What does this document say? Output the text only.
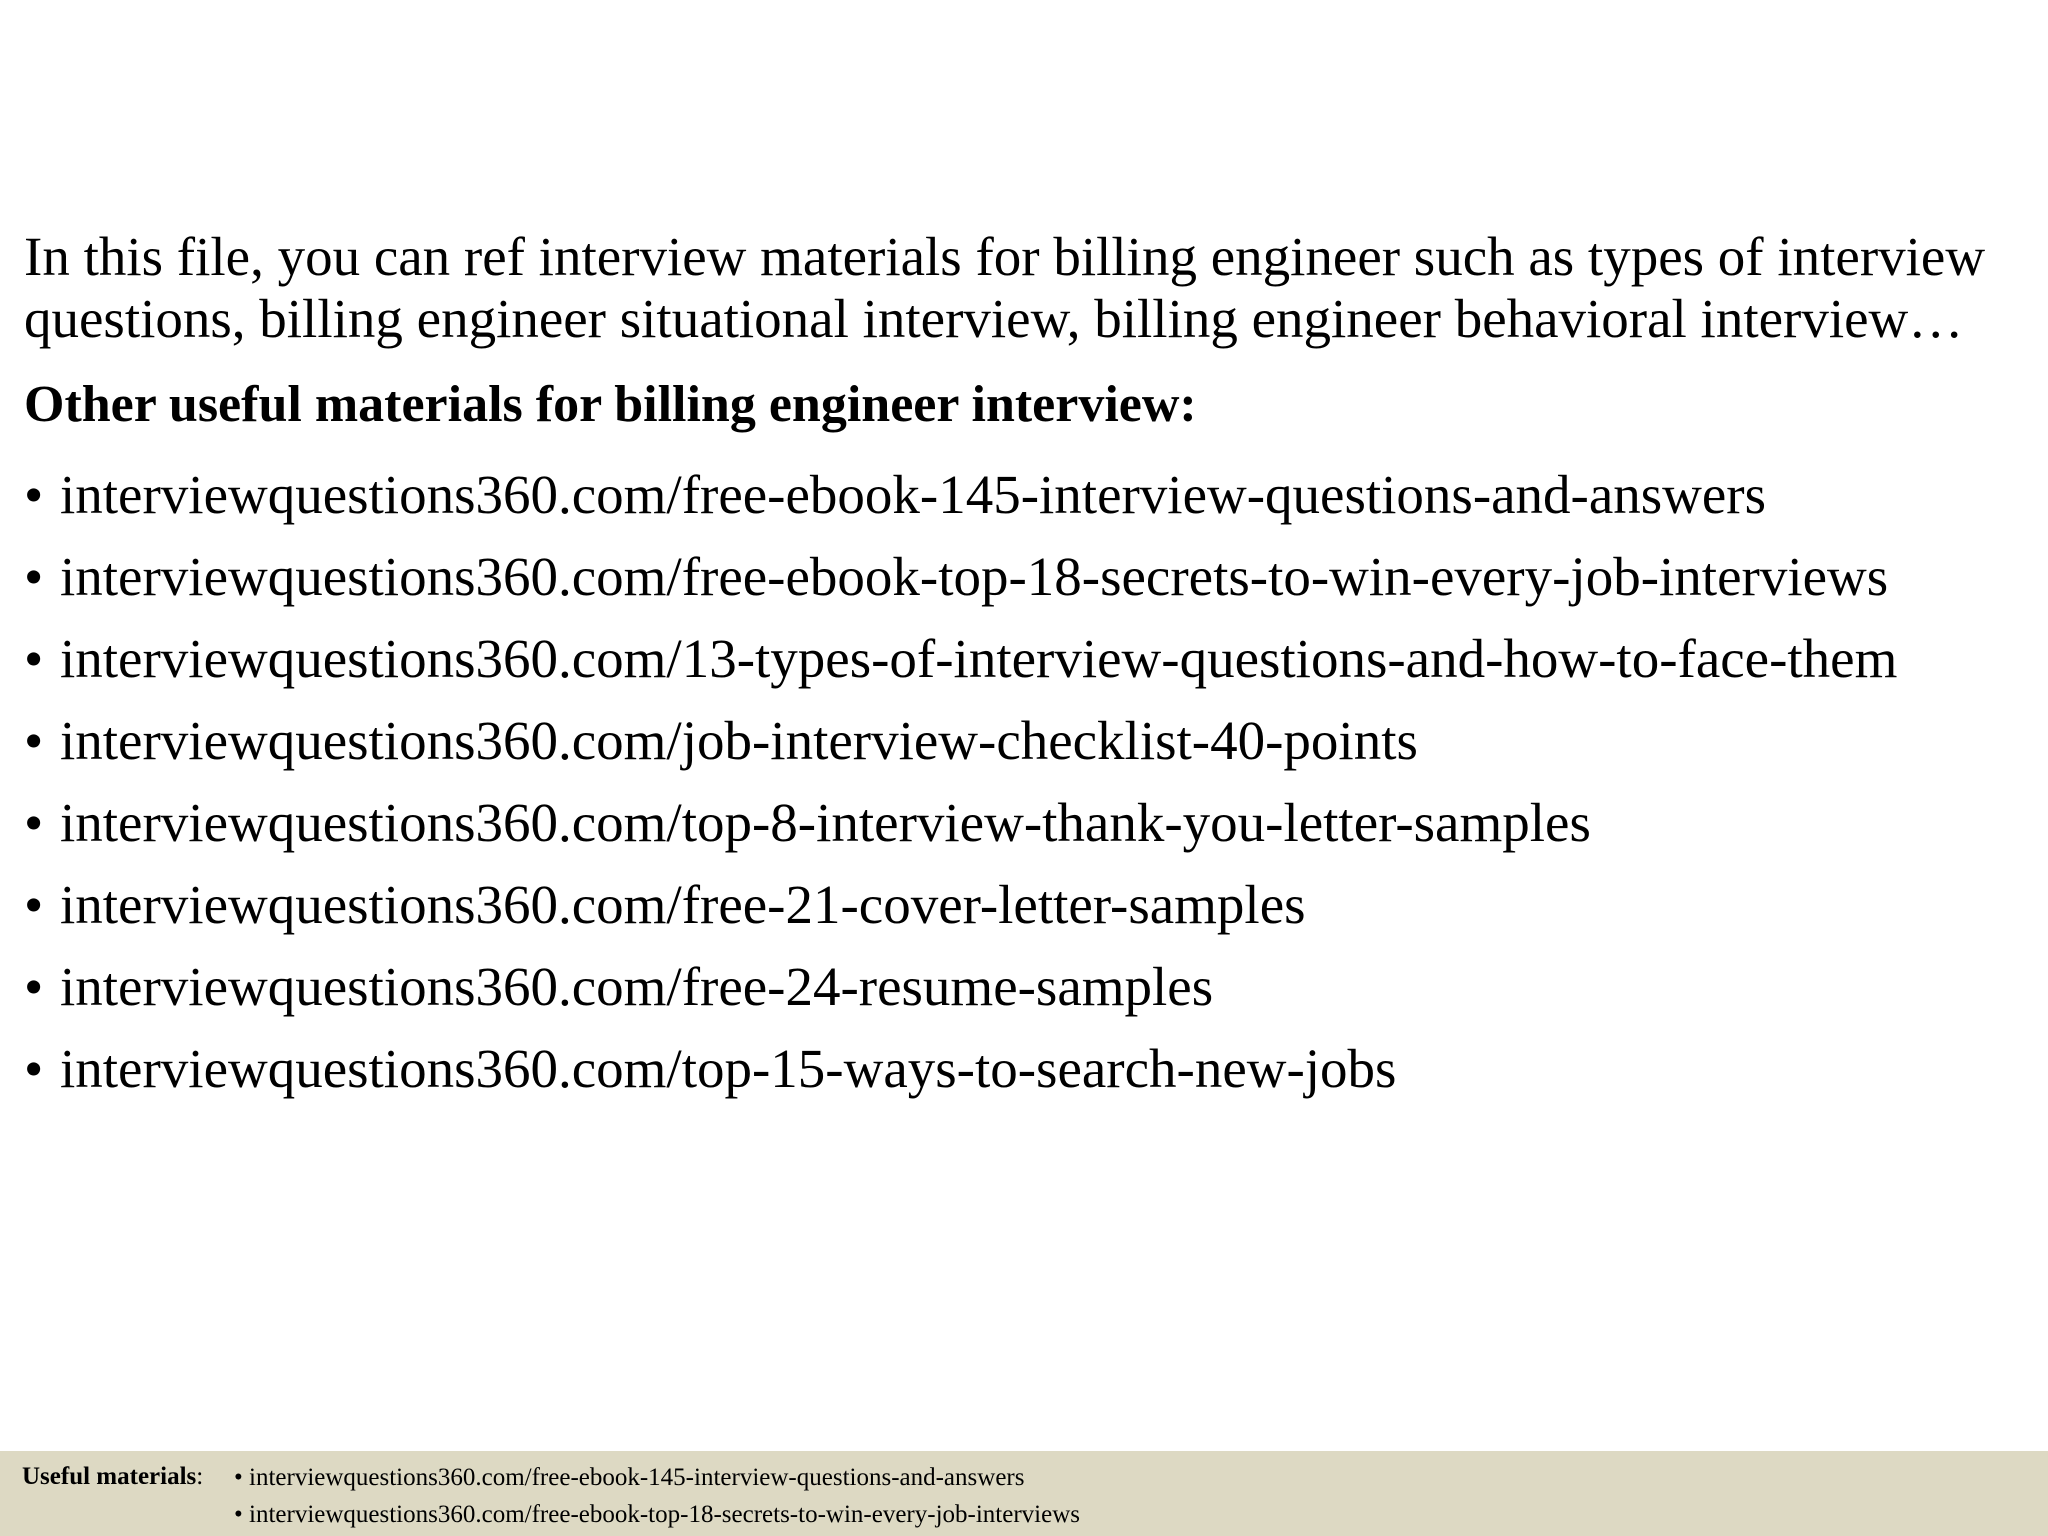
In this file, you can ref interview materials for billing engineer such as types of interview questions, billing engineer situational interview, billing engineer behavioral interview…

Other useful materials for billing engineer interview:

• interviewquestions360.com/free-ebook-145-interview-questions-and-answers
• interviewquestions360.com/free-ebook-top-18-secrets-to-win-every-job-interviews
• interviewquestions360.com/13-types-of-interview-questions-and-how-to-face-them
• interviewquestions360.com/job-interview-checklist-40-points
• interviewquestions360.com/top-8-interview-thank-you-letter-samples
• interviewquestions360.com/free-21-cover-letter-samples
• interviewquestions360.com/free-24-resume-samples
• interviewquestions360.com/top-15-ways-to-search-new-jobs
Useful materials: • interviewquestions360.com/free-ebook-145-interview-questions-and-answers
• interviewquestions360.com/free-ebook-top-18-secrets-to-win-every-job-interviews
